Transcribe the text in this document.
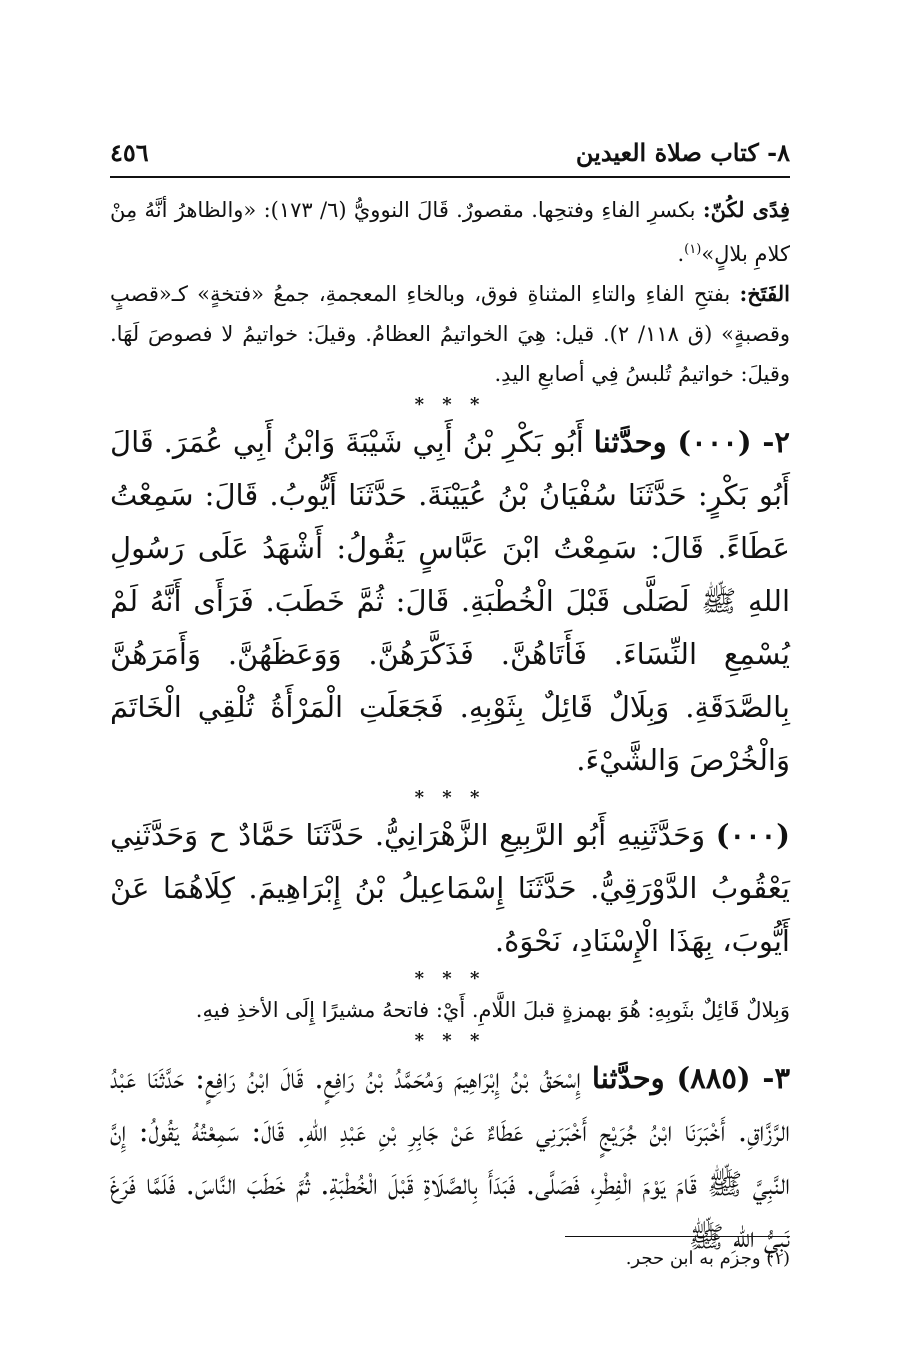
٨- كتاب صلاة العيدين
٤٥٦

فِدًى لكُنّ: بكسرِ الفاءِ وفتحِها. مقصورٌ. قَالَ النوويُّ (٦/ ١٧٣): «والظاهرُ أنَّهُ مِنْ كلامِ بلالٍ»$^{(١)}$.

الفَتَخ: بفتحِ الفاءِ والتاءِ المثناةِ فوق، وبالخاءِ المعجمةِ، جمعُ «فتخةٍ» كـ«قصبٍ وقصبةٍ» (ق ١١٨/ ٢). قيل: هِيَ الخواتيمُ العظامُ. وقيلَ: خواتيمُ لا فصوصَ لَهَا. وقيلَ: خواتيمُ تُلبسُ فِي أصابعِ اليدِ.

* * *

٢- (٠٠٠) وحدَّثنا أَبُو بَكْرِ بْنُ أَبِي شَيْبَةَ وَابْنُ أَبِي عُمَرَ. قَالَ أَبُو بَكْرٍ: حَدَّثَنَا سُفْيَانُ بْنُ عُيَيْنَةَ. حَدَّثَنَا أَيُّوبُ. قَالَ: سَمِعْتُ عَطَاءً. قَالَ: سَمِعْتُ ابْنَ عَبَّاسٍ يَقُولُ: أَشْهَدُ عَلَى رَسُولِ اللهِ ﷺ لَصَلَّى قَبْلَ الْخُطْبَةِ. قَالَ: ثُمَّ خَطَبَ. فَرَأَى أَنَّهُ لَمْ يُسْمِعِ النِّسَاءَ. فَأَتَاهُنَّ. فَذَكَّرَهُنَّ. وَوَعَظَهُنَّ. وَأَمَرَهُنَّ بِالصَّدَقَةِ. وَبِلَالٌ قَائِلٌ بِثَوْبِهِ. فَجَعَلَتِ الْمَرْأَةُ تُلْقِي الْخَاتَمَ وَالْخُرْصَ وَالشَّيْءَ.

* * *

(٠٠٠) وَحَدَّثَنِيهِ أَبُو الرَّبِيعِ الزَّهْرَانِيُّ. حَدَّثَنَا حَمَّادٌ ح وَحَدَّثَنِي يَعْقُوبُ الدَّوْرَقِيُّ. حَدَّثَنَا إِسْمَاعِيلُ بْنُ إِبْرَاهِيمَ. كِلَاهُمَا عَنْ أَيُّوبَ، بِهَذَا الْإِسْنَادِ، نَحْوَهُ.

* * *

وَبِلالٌ قَائِلٌ بثَوبِهِ: هُوَ بهمزةٍ قبلَ اللَّامِ. أَيْ: فاتحهُ مشيرًا إِلَى الأخذِ فيهِ.

* * *

٣- (٨٨٥) وحدَّثنا إِسْحَقُ بْنُ إِبْرَاهِيمَ وَمُحَمَّدُ بْنُ رَافِعٍ. قَالَ ابْنُ رَافِعٍ: حَدَّثَنَا عَبْدُ الرَّزَّاقِ. أَخْبَرَنَا ابْنُ جُرَيْجٍ أَخْبَرَنِي عَطَاءٌ عَنْ جَابِرِ بْنِ عَبْدِ اللهِ. قَالَ: سَمِعْتُهُ يَقُولُ: إِنَّ النَّبِيَّ ﷺ قَامَ يَوْمَ الْفِطْرِ، فَصَلَّى. فَبَدَأَ بِالصَّلَاةِ قَبْلَ الْخُطْبَةِ. ثُمَّ خَطَبَ النَّاسَ. فَلَمَّا فَرَغَ نَبِيُّ اللهِ ﷺ

(١) وجزم به ابن حجر.
